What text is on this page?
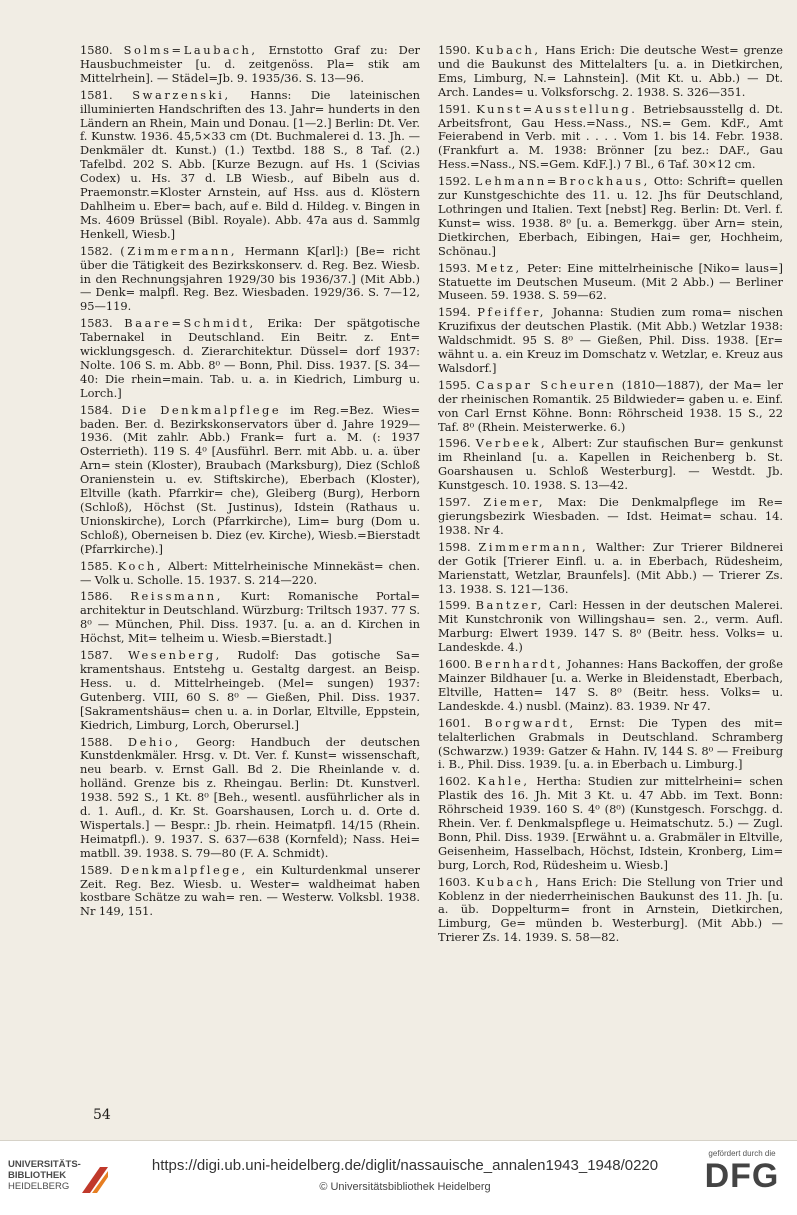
1580. Solms=Laubach, Ernstotto Graf zu: Der Hausbuchmeister [u. d. zeitgenöss. Pla= stik am Mittelrhein]. — Städel=Jb. 9. 1935/36. S. 13—96.

1581. Swarzenski, Hanns: Die lateinischen illuminierten Handschriften des 13. Jahr= hunderts in den Ländern an Rhein, Main und Donau. [1—2.] Berlin: Dt. Ver. f. Kunstw. 1936. 45,5×33 cm (Dt. Buchmalerei d. 13. Jh. — Denkmäler dt. Kunst.) (1.) Textbd. 188 S., 8 Taf. (2.) Tafelbd. 202 S. Abb. [Kurze Bezugn. auf Hs. 1 (Scivias Codex) u. Hs. 37 d. LB Wiesb., auf Bibeln aus d. Praemonstr.=Kloster Arnstein, auf Hss. aus d. Klöstern Dahlheim u. Eber= bach, auf e. Bild d. Hildeg. v. Bingen in Ms. 4609 Brüssel (Bibl. Royale). Abb. 47a aus d. Sammlg Henkell, Wiesb.]

1582. (Zimmermann, Hermann K[arl]:) [Be= richt über die Tätigkeit des Bezirkskonserv. d. Reg. Bez. Wiesb. in den Rechnungsjahren 1929/30 bis 1936/37.] (Mit Abb.) — Denk= malpfl. Reg. Bez. Wiesbaden. 1929/36. S. 7—12, 95—119.

1583. Baare=Schmidt, Erika: Der spätgotische Tabernakel in Deutschland. Ein Beitr. z. Ent= wicklungsgesch. d. Zierarchitektur. Düssel= dorf 1937: Nolte. 106 S. m. Abb. 8⁰ — Bonn, Phil. Diss. 1937. [S. 34—40: Die rhein=main. Tab. u. a. in Kiedrich, Limburg u. Lorch.]

1584. Die Denkmalpflege im Reg.=Bez. Wies= baden. Ber. d. Bezirkskonservators über d. Jahre 1929—1936. (Mit zahlr. Abb.) Frank= furt a. M. (: 1937 Osterrieth). 119 S. 4⁰ [Ausführl. Berr. mit Abb. u. a. über Arn= stein (Kloster), Braubach (Marksburg), Diez (Schloß Oranienstein u. ev. Stiftskirche), Eberbach (Kloster), Eltville (kath. Pfarrkir= che), Gleiberg (Burg), Herborn (Schloß), Höchst (St. Justinus), Idstein (Rathaus u. Unionskirche), Lorch (Pfarrkirche), Lim= burg (Dom u. Schloß), Oberneisen b. Diez (ev. Kirche), Wiesb.=Bierstadt (Pfarrkirche).]

1585. Koch, Albert: Mittelrheinische Minnekäst= chen. — Volk u. Scholle. 15. 1937. S. 214—220.

1586. Reissmann, Kurt: Romanische Portal= architektur in Deutschland. Würzburg: Triltsch 1937. 77 S. 8⁰ — München, Phil. Diss. 1937. [u. a. an d. Kirchen in Höchst, Mit= telheim u. Wiesb.=Bierstadt.]

1587. Wesenberg, Rudolf: Das gotische Sa= kramentshaus. Entstehg u. Gestaltg dargest. an Beisp. Hess. u. d. Mittelrheingeb. (Mel= sungen) 1937: Gutenberg. VIII, 60 S. 8⁰ — Gießen, Phil. Diss. 1937. [Sakramentshäus= chen u. a. in Dorlar, Eltville, Eppstein, Kiedrich, Limburg, Lorch, Oberursel.]

1588. Dehio, Georg: Handbuch der deutschen Kunstdenkmäler. Hrsg. v. Dt. Ver. f. Kunst= wissenschaft, neu bearb. v. Ernst Gall. Bd 2. Die Rheinlande v. d. holländ. Grenze bis z. Rheingau. Berlin: Dt. Kunstverl. 1938. 592 S., 1 Kt. 8⁰ [Beh., wesentl. ausführlicher als in d. 1. Aufl., d. Kr. St. Goarshausen, Lorch u. d. Orte d. Wispertals.] — Bespr.: Jb. rhein. Heimatpfl. 14/15 (Rhein. Heimatpfl.). 9. 1937. S. 637—638 (Kornfeld); Nass. Hei= matbll. 39. 1938. S. 79—80 (F. A. Schmidt).

1589. Denkmalpflege, ein Kulturdenkmal unserer Zeit. Reg. Bez. Wiesb. u. Wester= waldheimat haben kostbare Schätze zu wah= ren. — Westerw. Volksbl. 1938. Nr 149, 151.

1590. Kubach, Hans Erich: Die deutsche West= grenze und die Baukunst des Mittelalters [u. a. in Dietkirchen, Ems, Limburg, N.= Lahnstein]. (Mit Kt. u. Abb.) — Dt. Arch. Landes= u. Volksforschg. 2. 1938. S. 326—351.

1591. Kunst=Ausstellung. Betriebsausstellg d. Dt. Arbeitsfront, Gau Hess.=Nass., NS.= Gem. KdF., Amt Feierabend in Verb. mit . . . . Vom 1. bis 14. Febr. 1938. (Frankfurt a. M. 1938: Brönner [zu bez.: DAF., Gau Hess.=Nass., NS.=Gem. KdF.].) 7 Bl., 6 Taf. 30×12 cm.

1592. Lehmann=Brockhaus, Otto: Schrift= quellen zur Kunstgeschichte des 11. u. 12. Jhs für Deutschland, Lothringen und Italien. Text [nebst] Reg. Berlin: Dt. Verl. f. Kunst= wiss. 1938. 8⁰ [u. a. Bemerkgg. über Arn= stein, Dietkirchen, Eberbach, Eibingen, Hai= ger, Hochheim, Schönau.]

1593. Metz, Peter: Eine mittelrheinische [Niko= laus=] Statuette im Deutschen Museum. (Mit 2 Abb.) — Berliner Museen. 59. 1938. S. 59—62.

1594. Pfeiffer, Johanna: Studien zum roma= nischen Kruzifixus der deutschen Plastik. (Mit Abb.) Wetzlar 1938: Waldschmidt. 95 S. 8⁰ — Gießen, Phil. Diss. 1938. [Er= wähnt u. a. ein Kreuz im Domschatz v. Wetzlar, e. Kreuz aus Walsdorf.]

1595. Caspar Scheuren (1810—1887), der Ma= ler der rheinischen Romantik. 25 Bildwieder= gaben u. e. Einf. von Carl Ernst Köhne. Bonn: Röhrscheid 1938. 15 S., 22 Taf. 8⁰ (Rhein. Meisterwerke. 6.)

1596. Verbeek, Albert: Zur staufischen Bur= genkunst im Rheinland [u. a. Kapellen in Reichenberg b. St. Goarshausen u. Schloß Westerburg]. — Westdt. Jb. Kunstgesch. 10. 1938. S. 13—42.

1597. Ziemer, Max: Die Denkmalpflege im Re= gierungsbezirk Wiesbaden. — Idst. Heimat= schau. 14. 1938. Nr 4.

1598. Zimmermann, Walther: Zur Trierer Bildnerei der Gotik [Trierer Einfl. u. a. in Eberbach, Rüdesheim, Marienstatt, Wetzlar, Braunfels]. (Mit Abb.) — Trierer Zs. 13. 1938. S. 121—136.

1599. Bantzer, Carl: Hessen in der deutschen Malerei. Mit Kunstchronik von Willingshau= sen. 2., verm. Aufl. Marburg: Elwert 1939. 147 S. 8⁰ (Beitr. hess. Volks= u. Landeskde. 4.)

1600. Bernhardt, Johannes: Hans Backoffen, der große Mainzer Bildhauer [u. a. Werke in Bleidenstadt, Eberbach, Eltville, Hatten= 147 S. 8⁰ (Beitr. hess. Volks= u. Landeskde. 4.) nusbl. (Mainz). 83. 1939. Nr 47.

1601. Borgwardt, Ernst: Die Typen des mit= telalterlichen Grabmals in Deutschland. Schramberg (Schwarzw.) 1939: Gatzer & Hahn. IV, 144 S. 8⁰ — Freiburg i. B., Phil. Diss. 1939. [u. a. in Eberbach u. Limburg.]

1602. Kahle, Hertha: Studien zur mittelrheini= schen Plastik des 16. Jh. Mit 3 Kt. u. 47 Abb. im Text. Bonn: Röhrscheid 1939. 160 S. 4⁰ (8⁰) (Kunstgesch. Forschgg. d. Rhein. Ver. f. Denkmalspflege u. Heimatschutz. 5.) — Zugl. Bonn, Phil. Diss. 1939. [Erwähnt u. a. Grabmäler in Eltville, Geisenheim, Hasselbach, Höchst, Idstein, Kronberg, Lim= burg, Lorch, Rod, Rüdesheim u. Wiesb.]

1603. Kubach, Hans Erich: Die Stellung von Trier und Koblenz in der niederrheinischen Baukunst des 11. Jh. [u. a. üb. Doppelturm= front in Arnstein, Dietkirchen, Limburg, Ge= münden b. Westerburg]. (Mit Abb.) — Trierer Zs. 14. 1939. S. 58—82.

54
UNIVERSITÄTS-
BIBLIOTHEK
HEIDELBERG
https://digi.ub.uni-heidelberg.de/diglit/nassauische_annalen1943_1948/0220
© Universitätsbibliothek Heidelberg
gefördert durch die
DFG
